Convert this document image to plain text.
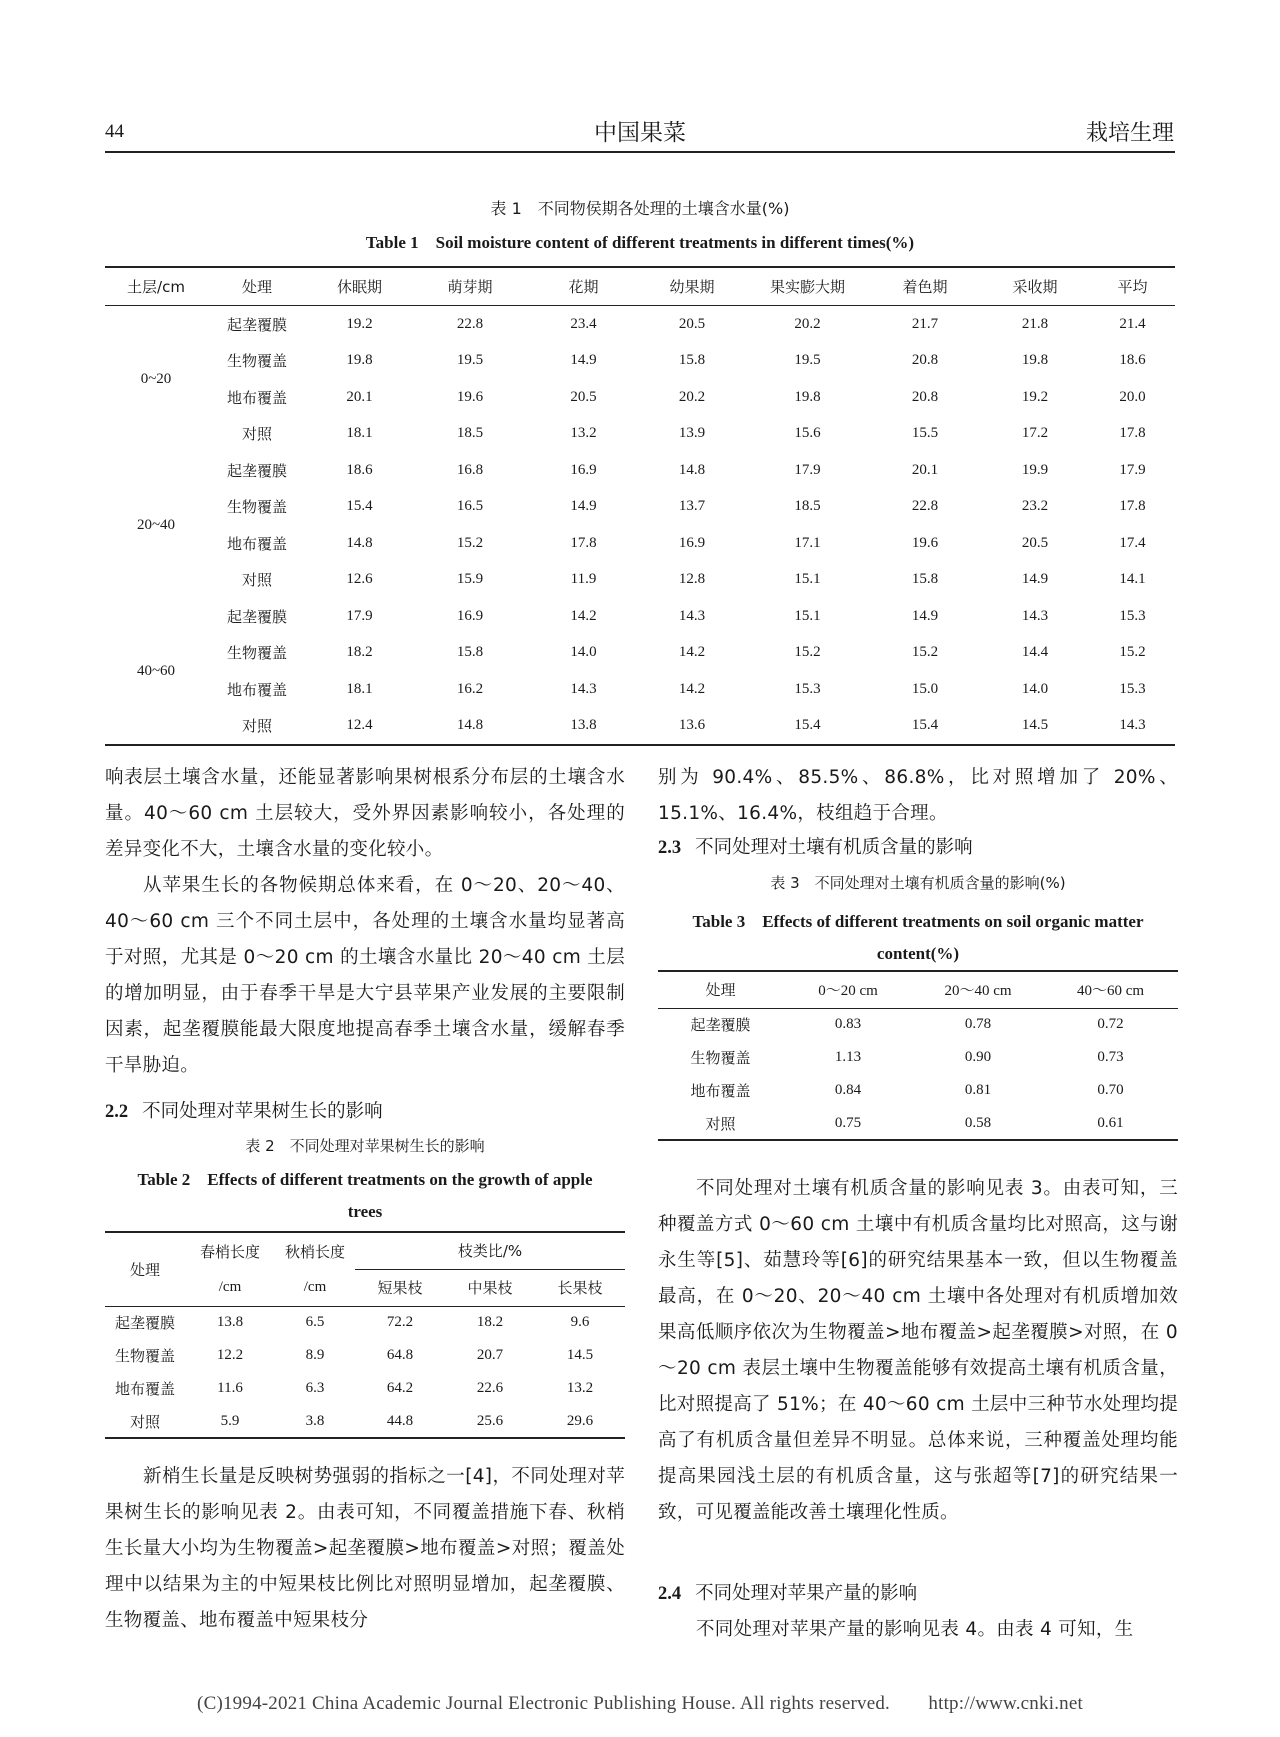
44	中国果菜	栽培生理
表 1　不同物侯期各处理的土壤含水量(%)
Table 1　Soil moisture content of different treatments in different times(%)
土层/cm	处理	休眠期	萌芽期	花期	幼果期	果实膨大期	着色期	采收期	平均
0~20	起垄覆膜	19.2	22.8	23.4	20.5	20.2	21.7	21.8	21.4
	生物覆盖	19.8	19.5	14.9	15.8	19.5	20.8	19.8	18.6
	地布覆盖	20.1	19.6	20.5	20.2	19.8	20.8	19.2	20.0
	对照	18.1	18.5	13.2	13.9	15.6	15.5	17.2	17.8
20~40	起垄覆膜	18.6	16.8	16.9	14.8	17.9	20.1	19.9	17.9
	生物覆盖	15.4	16.5	14.9	13.7	18.5	22.8	23.2	17.8
	地布覆盖	14.8	15.2	17.8	16.9	17.1	19.6	20.5	17.4
	对照	12.6	15.9	11.9	12.8	15.1	15.8	14.9	14.1
40~60	起垄覆膜	17.9	16.9	14.2	14.3	15.1	14.9	14.3	15.3
	生物覆盖	18.2	15.8	14.0	14.2	15.2	15.2	14.4	15.2
	地布覆盖	18.1	16.2	14.3	14.2	15.3	15.0	14.0	15.3
	对照	12.4	14.8	13.8	13.6	15.4	15.4	14.5	14.3

响表层土壤含水量，还能显著影响果树根系分布层的土壤含水量。40～60 cm 土层较大，受外界因素影响较小，各处理的差异变化不大，土壤含水量的变化较小。

从苹果生长的各物候期总体来看，在 0～20、20～40、40～60 cm 三个不同土层中，各处理的土壤含水量均显著高于对照，尤其是 0～20 cm 的土壤含水量比 20～40 cm 土层的增加明显，由于春季干旱是大宁县苹果产业发展的主要限制因素，起垄覆膜能最大限度地提高春季土壤含水量，缓解春季干旱胁迫。

2.2 不同处理对苹果树生长的影响
表 2　不同处理对苹果树生长的影响
Table 2　Effects of different treatments on the growth of apple trees
处理	春梢长度	秋梢长度	枝类比/%		
	/cm	/cm	短果枝	中果枝	长果枝
起垄覆膜	13.8	6.5	72.2	18.2	9.6
生物覆盖	12.2	8.9	64.8	20.7	14.5
地布覆盖	11.6	6.3	64.2	22.6	13.2
对照	5.9	3.8	44.8	25.6	29.6

新梢生长量是反映树势强弱的指标之一[4]，不同处理对苹果树生长的影响见表 2。由表可知，不同覆盖措施下春、秋梢生长量大小均为生物覆盖>起垄覆膜>地布覆盖>对照；覆盖处理中以结果为主的中短果枝比例比对照明显增加，起垄覆膜、生物覆盖、地布覆盖中短果枝分

别为 90.4%、85.5%、86.8%，比对照增加了 20%、15.1%、16.4%，枝组趋于合理。

2.3 不同处理对土壤有机质含量的影响
表 3　不同处理对土壤有机质含量的影响(%)
Table 3　Effects of different treatments on soil organic matter content(%)
处理	0～20 cm	20～40 cm	40～60 cm
起垄覆膜	0.83	0.78	0.72
生物覆盖	1.13	0.90	0.73
地布覆盖	0.84	0.81	0.70
对照	0.75	0.58	0.61

不同处理对土壤有机质含量的影响见表 3。由表可知，三种覆盖方式 0～60 cm 土壤中有机质含量均比对照高，这与谢永生等[5]、茹慧玲等[6]的研究结果基本一致，但以生物覆盖最高，在 0～20、20～40 cm 土壤中各处理对有机质增加效果高低顺序依次为生物覆盖>地布覆盖>起垄覆膜>对照，在 0～20 cm 表层土壤中生物覆盖能够有效提高土壤有机质含量，比对照提高了 51%；在 40～60 cm 土层中三种节水处理均提高了有机质含量但差异不明显。总体来说，三种覆盖处理均能提高果园浅土层的有机质含量，这与张超等[7]的研究结果一致，可见覆盖能改善土壤理化性质。

2.4 不同处理对苹果产量的影响

不同处理对苹果产量的影响见表 4。由表 4 可知，生

(C)1994-2021 China Academic Journal Electronic Publishing House. All rights reserved.　　http://www.cnki.net
